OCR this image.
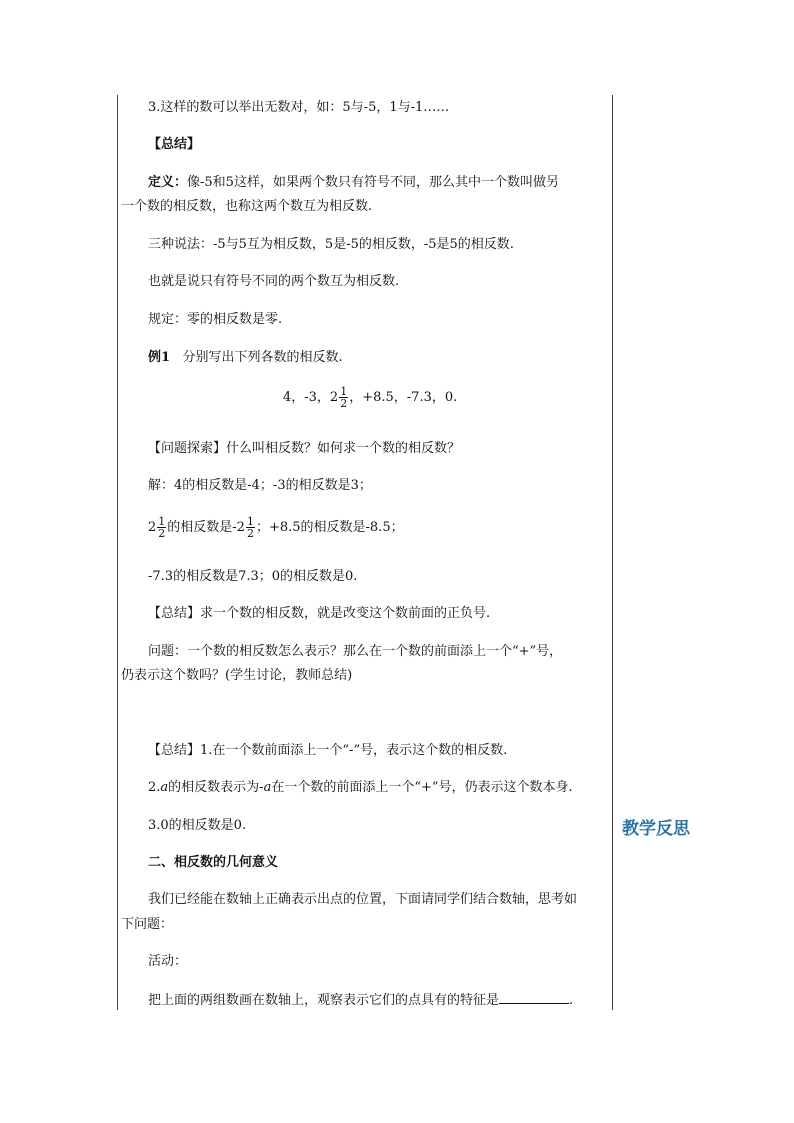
3.这样的数可以举出无数对，如：5与-5，1与-1……
【总结】
定义：像-5和5这样，如果两个数只有符号不同，那么其中一个数叫做另
一个数的相反数，也称这两个数互为相反数.
三种说法：-5与5互为相反数，5是-5的相反数，-5是5的相反数.
也就是说只有符号不同的两个数互为相反数.
规定：零的相反数是零.
例1 分别写出下列各数的相反数.
4，-3，$2 \frac{1}{2}$ ，+8.5，-7.3，0.
【问题探索】什么叫相反数？如何求一个数的相反数？
解：4的相反数是-4；-3的相反数是3；
$2 \frac{1}{2}$ 的相反数是$-2 \frac{1}{2}$ ；+8.5的相反数是-8.5；
-7.3的相反数是7.3；0的相反数是0.
【总结】求一个数的相反数，就是改变这个数前面的正负号.
问题：一个数的相反数怎么表示？那么在一个数的前面添上一个“+”号，
仍表示这个数吗？(学生讨论，教师总结)
【总结】1.在一个数前面添上一个“-”号，表示这个数的相反数.
2.a的相反数表示为-a在一个数的前面添上一个“+”号，仍表示这个数本身.
3.0的相反数是0.	教学反思
二、相反数的几何意义
我们已经能在数轴上正确表示出点的位置，下面请同学们结合数轴，思考如
下问题：
活动：
把上面的两组数画在数轴上，观察表示它们的点具有的特征是	.
